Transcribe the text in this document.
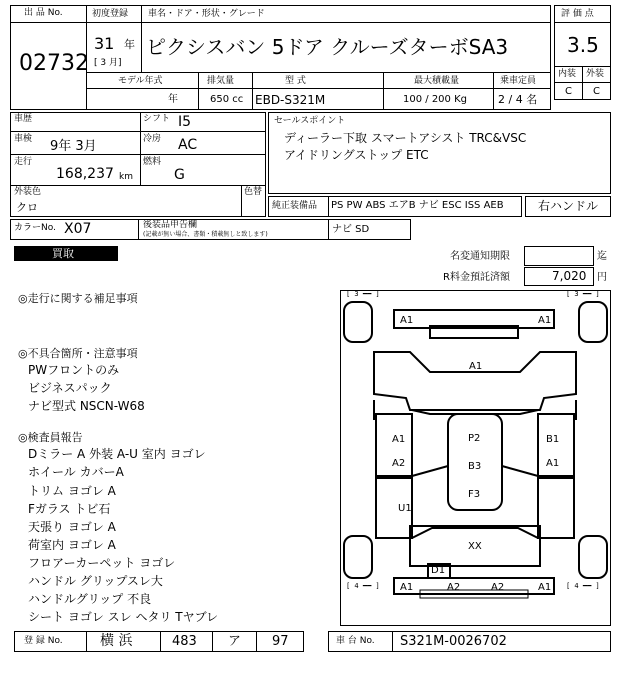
出 品 No.
02732
初度登録 車名・ドア・形状・グレード
31 年
[ 3 月]
ピクシスバン 5ドア クルーズターボSA3
モデル年式	排気量	型 式	最大積載量	乗車定員
年	650 cc EBD-S321M	100 / 200 Kg	2 / 4 名
評 価 点
3.5
内装 外装
C C
車歴	シフト I5
車検 9年 3月	冷房 AC
走行
168,237 km
燃料
G
外装色
クロ
色替
セールスポイント
ディーラー下取 スマートアシスト TRC&VSC
アイドリングストップ ETC
純正装備品 PS PW ABS エアB ナビ ESC ISS AEB	右ハンドル
カラーNo. X07	後装品申告欄
(記載が無い場合、書類・積載無しと致します)	ナビ SD
買取	名変通知期限	迄
R料金預託済額	7,020 円
◎走行に関する補足事項
◎不具合箇所・注意事項
PWフロントのみ
ビジネスパック
ナビ型式 NSCN-W68
◎検査員報告
Dミラー A 外装 A-U 室内 ヨゴレ
ホイール カバーA
トリム ヨゴレ A
Fガラス トビ石
天張り ヨゴレ A
荷室内 ヨゴレ A
フロアーカーペット ヨゴレ
ハンドル グリップスレ大
ハンドルグリップ 不良
シート ヨゴレ スレ ヘタリ Tヤブレ
[ 3 ━━ ]	[ 3 ━━ ]
[ 4 ━━ ]	[ 4 ━━ ]
A1	A1
A1
A1
A2
P2
B3
F3
B1
A1
U1
XX
D1
A1	A2	A2	A1
登 録 No.	横 浜	483 ア 97	車 台 No. S321M-0026702
